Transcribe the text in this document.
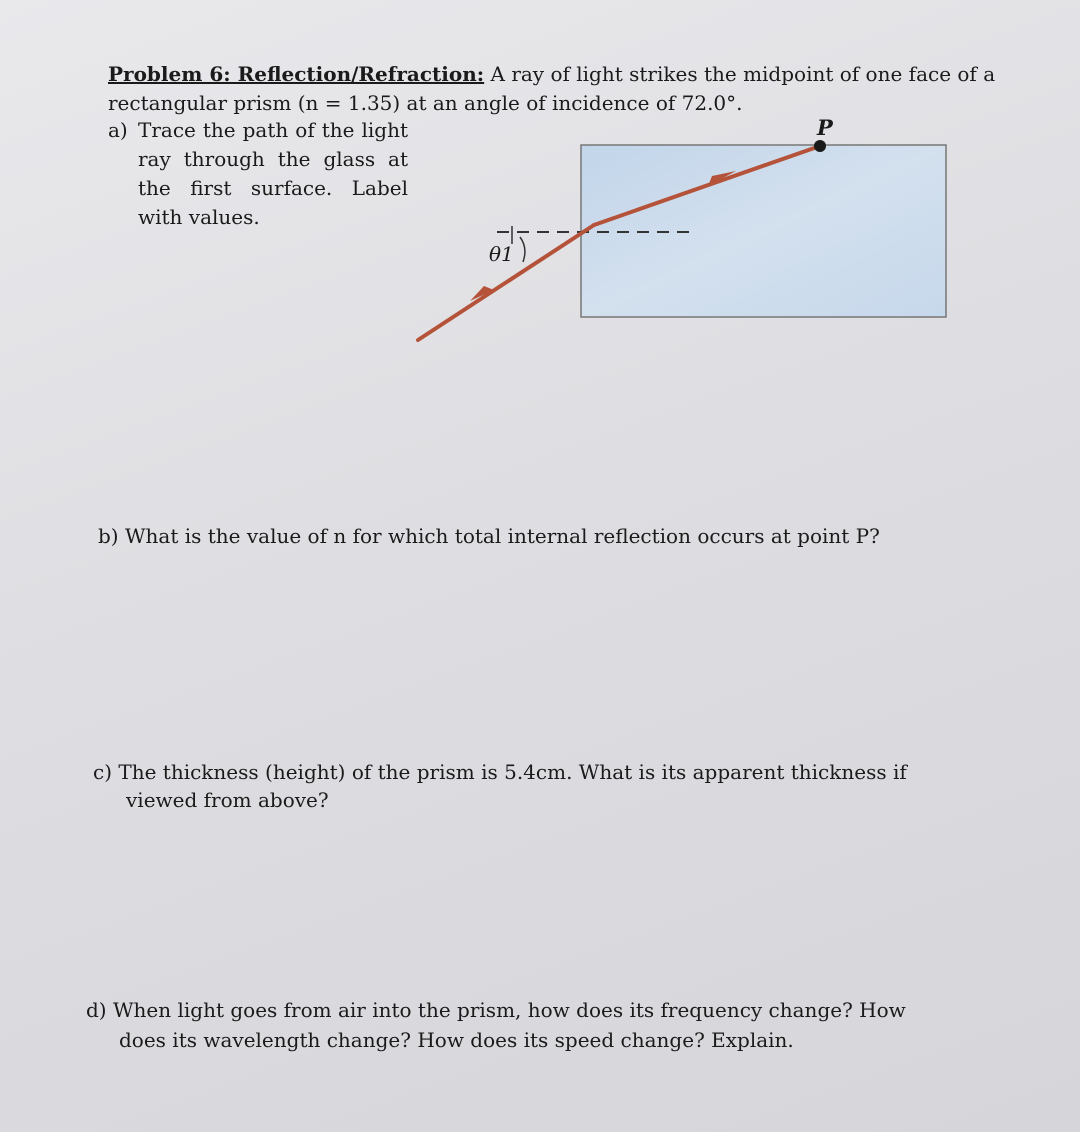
Problem 6: Reflection/Refraction: A ray of light strikes the midpoint of one face of a
rectangular prism (n = 1.35) at an angle of incidence of 72.0°.
a) Trace the path of the light ray through the glass at the first surface. Label with values.
P
θ1
b) What is the value of n for which total internal reflection occurs at point P?
c) The thickness (height) of the prism is 5.4cm. What is its apparent thickness if
viewed from above?
d) When light goes from air into the prism, how does its frequency change? How
does its wavelength change? How does its speed change? Explain.
